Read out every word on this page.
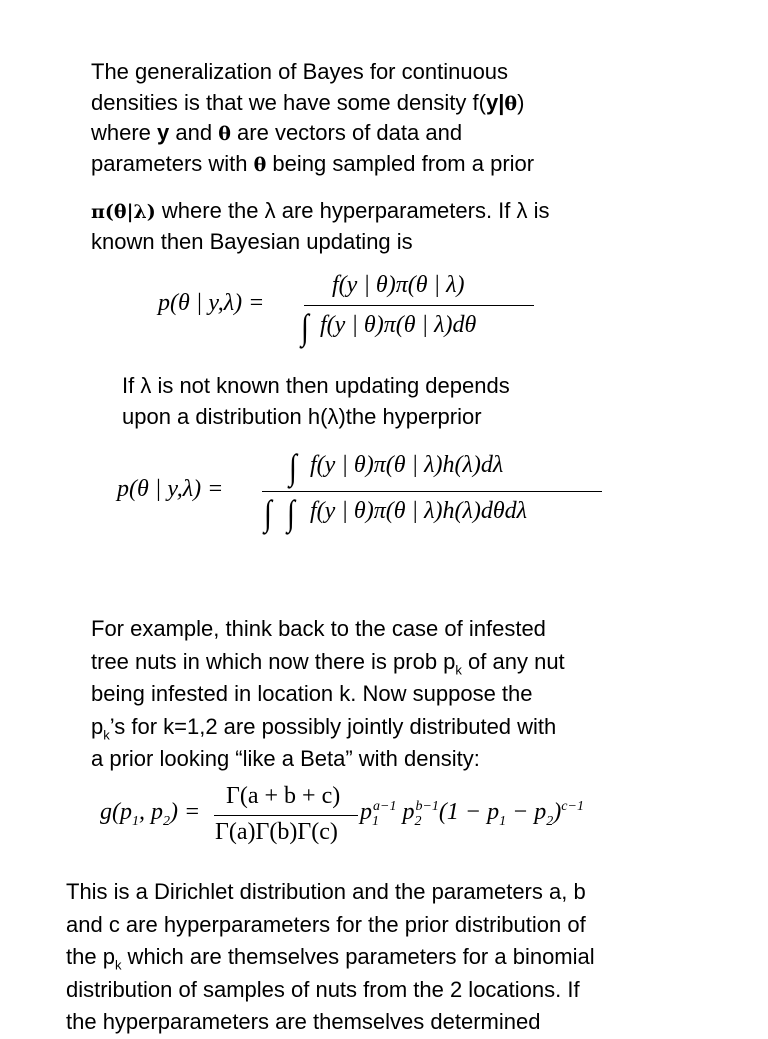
The generalization of Bayes for continuous
densities is that we have some density f(y|θ)
where y and θ are vectors of data and
parameters with θ being sampled from a prior
π(θ|λ) where the λ are hyperparameters. If λ is
known then Bayesian updating is
p(θ | y,λ) =
f(y | θ)π(θ | λ)
∫ f(y | θ)π(θ | λ)dθ
If λ is not known then updating depends
upon a distribution h(λ)the hyperprior
p(θ | y,λ) =
∫ f(y | θ)π(θ | λ)h(λ)dλ
∫ ∫ f(y | θ)π(θ | λ)h(λ)dθdλ
For example, think back to the case of infested
tree nuts in which now there is prob $p_k$ of any nut
being infested in location k. Now suppose the
$p_k’s$ for k=1,2 are possibly jointly distributed with
a prior looking “like a Beta” with density:
$g(p_1$, $p_2$) =
Γ(a + b + c)
Γ(a)Γ(b)Γ(c)
$p_1^{a-1}$ $p_2^{b-1}(1 - p_1 - p_2)^{c-1}$
This is a Dirichlet distribution and the parameters a, b
and c are hyperparameters for the prior distribution of
the $p_k$ which are themselves parameters for a binomial
distribution of samples of nuts from the 2 locations. If
the hyperparameters are themselves determined
